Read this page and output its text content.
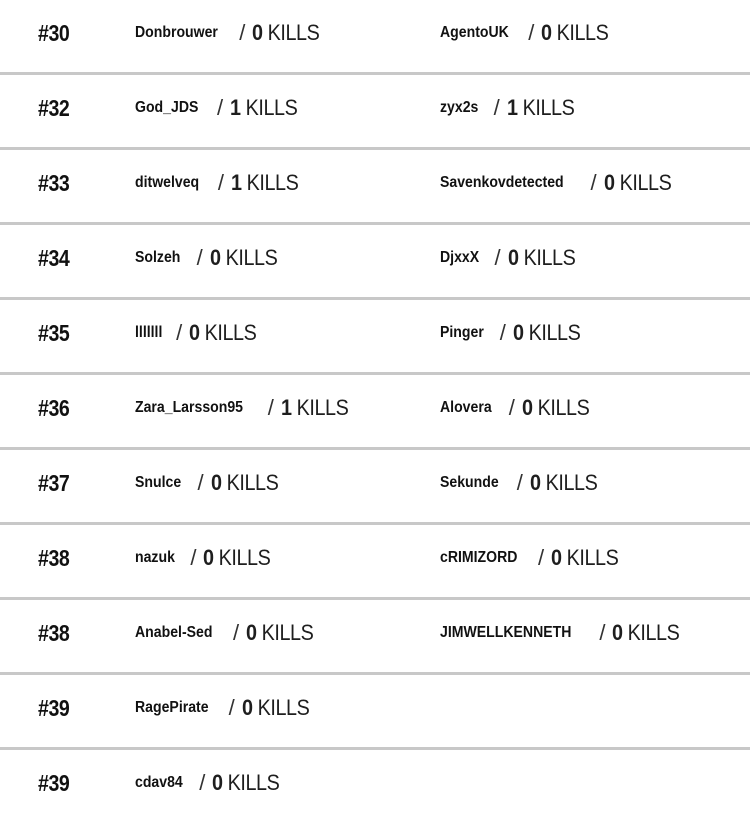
#30	Donbrouwer / 0 KILLS	AgentoUK / 0 KILLS
#32	God_JDS / 1 KILLS	zyx2s / 1 KILLS
#33	ditwelveq / 1 KILLS	Savenkovdetected / 0 KILLS
#34	Solzeh / 0 KILLS	DjxxX / 0 KILLS
#35	lllllll / 0 KILLS	Pinger / 0 KILLS
#36	Zara_Larsson95 / 1 KILLS	Alovera / 0 KILLS
#37	Snulce / 0 KILLS	Sekunde / 0 KILLS
#38	nazuk / 0 KILLS	cRIMIZORD / 0 KILLS
#38	Anabel-Sed / 0 KILLS	JIMWELLKENNETH / 0 KILLS
#39	RagePirate / 0 KILLS
#39	cdav84 / 0 KILLS
